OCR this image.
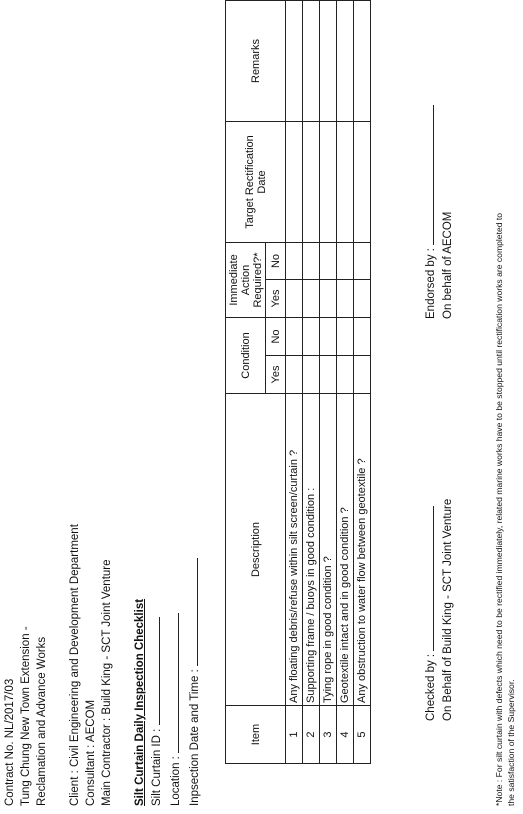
Contract No. NL/2017/03 Tung Chung New Town Extension - Reclamation and Advance Works Client : Civil Engineering and Development Department Consultant : AECOM Main Contractor : Build King - SCT Joint Venture Silt Curtain Daily Inspection Checklist Silt Curtain ID : Location : Inpsection Date and Time :	Item	Description	Condition		Immediate Action Required?*		Target Rectification Date	Remarks
		Yes	No	Yes	No		
1	Any floating debris/refuse within silt screen/curtain ?						
2	Supporting frame / buoys in good condition :						
3	Tying rope in good condition ?						
4	Geotextile intact and in good condition ?						
5	Any obstruction to water flow between geotextile ?							Checked by : On Behalf of Build King - SCT Joint Venture
Endorsed by : On behalf of AECOM	*Note : For silt curtain with defects which need to be rectified immediately, related marine works have to be stopped until rectification works are completed to the satisfaction of the Supervisor.
